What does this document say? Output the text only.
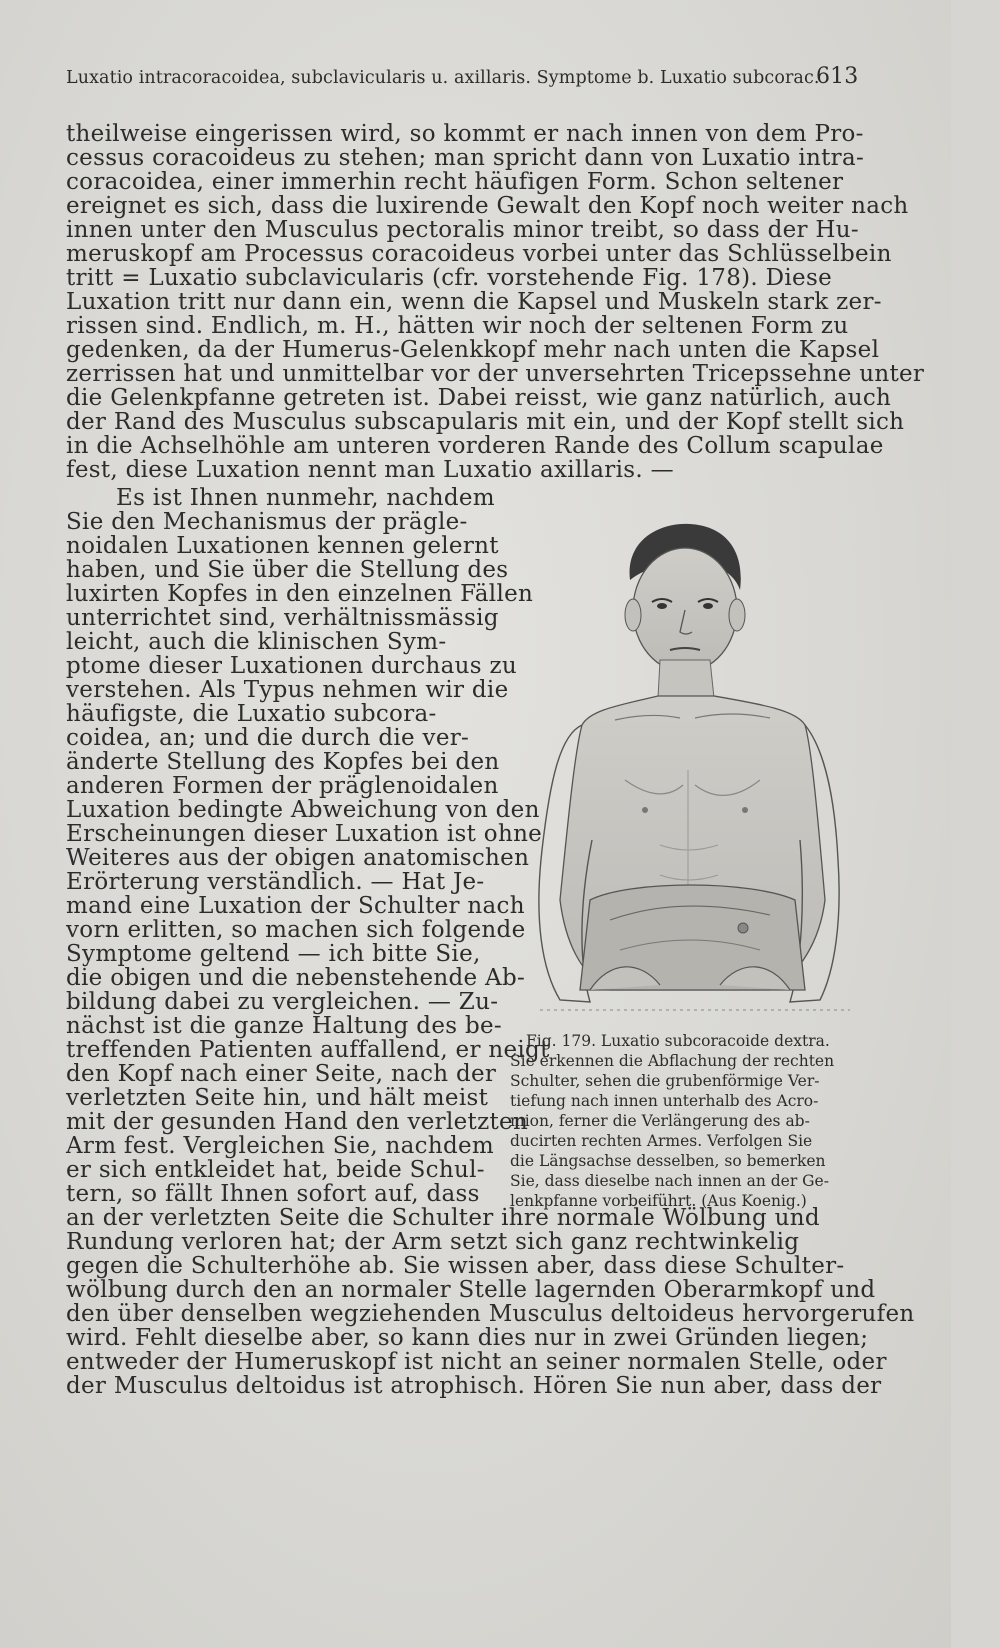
Luxatio intracoracoidea, subclavicularis u. axillaris. Symptome b. Luxatio subcorac.
613
theilweise eingerissen wird, so kommt er nach innen von dem Pro-
cessus coracoideus zu stehen; man spricht dann von Luxatio intra-
coracoidea, einer immerhin recht häufigen Form. Schon seltener
ereignet es sich, dass die luxirende Gewalt den Kopf noch weiter nach
innen unter den Musculus pectoralis minor treibt, so dass der Hu-
meruskopf am Processus coracoideus vorbei unter das Schlüsselbein
tritt = Luxatio subclavicularis (cfr. vorstehende Fig. 178). Diese
Luxation tritt nur dann ein, wenn die Kapsel und Muskeln stark zer-
rissen sind. Endlich, m. H., hätten wir noch der seltenen Form zu
gedenken, da der Humerus-Gelenkkopf mehr nach unten die Kapsel
zerrissen hat und unmittelbar vor der unversehrten Tricepssehne unter
die Gelenkpfanne getreten ist. Dabei reisst, wie ganz natürlich, auch
der Rand des Musculus subscapularis mit ein, und der Kopf stellt sich
in die Achselhöhle am unteren vorderen Rande des Collum scapulae
fest, diese Luxation nennt man Luxatio axillaris. —
Es ist Ihnen nunmehr, nachdem
Sie den Mechanismus der prägle-
noidalen Luxationen kennen gelernt
haben, und Sie über die Stellung des
luxirten Kopfes in den einzelnen Fällen
unterrichtet sind, verhältnissmässig
leicht, auch die klinischen Sym-
ptome dieser Luxationen durchaus zu
verstehen. Als Typus nehmen wir die
häufigste, die Luxatio subcora-
coidea, an; und die durch die ver-
änderte Stellung des Kopfes bei den
anderen Formen der präglenoidalen
Luxation bedingte Abweichung von den
Erscheinungen dieser Luxation ist ohne
Weiteres aus der obigen anatomischen
Erörterung verständlich. — Hat Je-
mand eine Luxation der Schulter nach
vorn erlitten, so machen sich folgende
Symptome geltend — ich bitte Sie,
die obigen und die nebenstehende Ab-
bildung dabei zu vergleichen. — Zu-
nächst ist die ganze Haltung des be-
treffenden Patienten auffallend, er neigt
den Kopf nach einer Seite, nach der
verletzten Seite hin, und hält meist
mit der gesunden Hand den verletzten
Arm fest. Vergleichen Sie, nachdem
er sich entkleidet hat, beide Schul-
tern, so fällt Ihnen sofort auf, dass
Fig. 179. Luxatio subcoracoide dextra.
Sie erkennen die Abflachung der rechten
Schulter, sehen die grubenförmige Ver-
tiefung nach innen unterhalb des Acro-
mion, ferner die Verlängerung des ab-
ducirten rechten Armes. Verfolgen Sie
die Längsachse desselben, so bemerken
Sie, dass dieselbe nach innen an der Ge-
lenkpfanne vorbeiführt. (Aus Koenig.)
an der verletzten Seite die Schulter ihre normale Wölbung und
Rundung verloren hat; der Arm setzt sich ganz rechtwinkelig
gegen die Schulterhöhe ab. Sie wissen aber, dass diese Schulter-
wölbung durch den an normaler Stelle lagernden Oberarmkopf und
den über denselben wegziehenden Musculus deltoideus hervorgerufen
wird. Fehlt dieselbe aber, so kann dies nur in zwei Gründen liegen;
entweder der Humeruskopf ist nicht an seiner normalen Stelle, oder
der Musculus deltoidus ist atrophisch. Hören Sie nun aber, dass der
